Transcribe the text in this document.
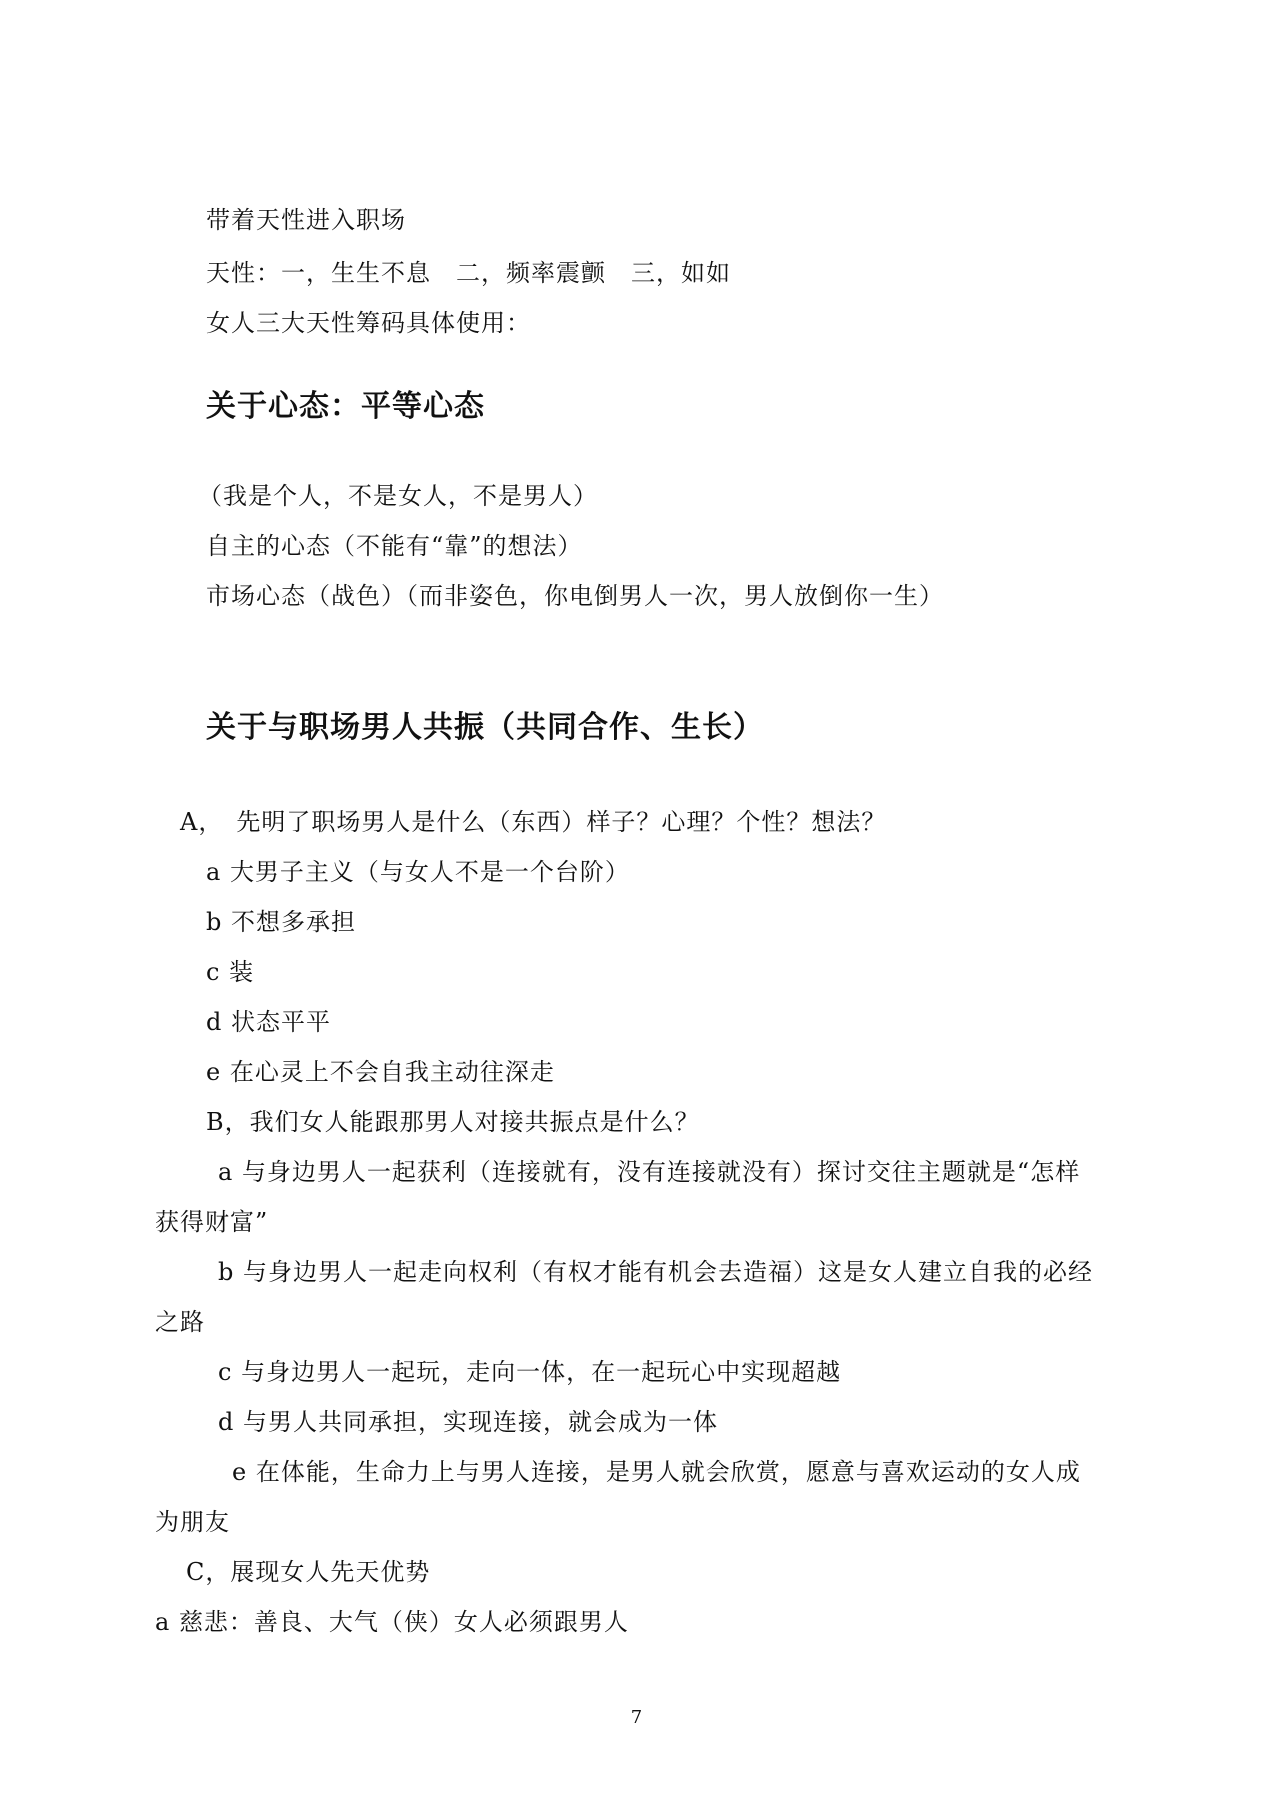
带着天性进入职场
天性：一，生生不息　二，频率震颤　三，如如
女人三大天性筹码具体使用：
关于心态：平等心态
（我是个人，不是女人，不是男人）
自主的心态（不能有“靠”的想法）
市场心态（战色）（而非姿色，你电倒男人一次，男人放倒你一生）
关于与职场男人共振（共同合作、生长）
A，　先明了职场男人是什么（东西）样子？心理？个性？想法？
a 大男子主义（与女人不是一个台阶）
b 不想多承担
c 装
d 状态平平
e 在心灵上不会自我主动往深走
B，我们女人能跟那男人对接共振点是什么？
a 与身边男人一起获利（连接就有，没有连接就没有）探讨交往主题就是“怎样
获得财富”
b 与身边男人一起走向权利（有权才能有机会去造福）这是女人建立自我的必经
之路
c 与身边男人一起玩，走向一体，在一起玩心中实现超越
d 与男人共同承担，实现连接，就会成为一体
e 在体能，生命力上与男人连接，是男人就会欣赏，愿意与喜欢运动的女人成
为朋友
C，展现女人先天优势
a 慈悲：善良、大气（侠）女人必须跟男人
7
